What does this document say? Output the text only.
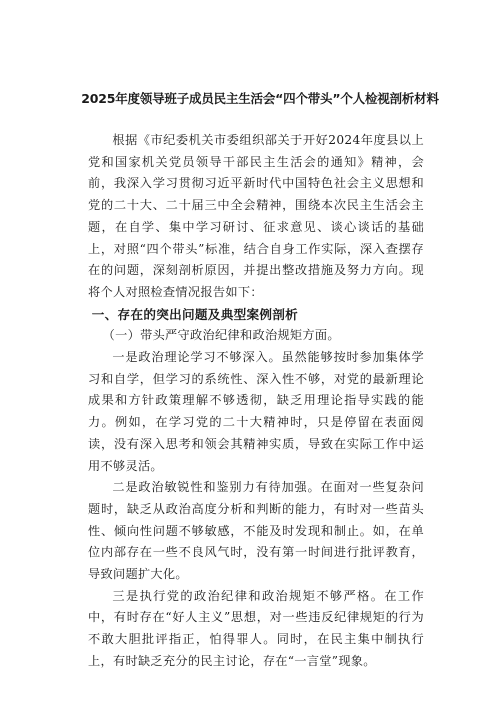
2025年度领导班子成员民主生活会“四个带头”个人检视剖析材料

根据《市纪委机关市委组织部关于开好2024年度县以上党和国家机关党员领导干部民主生活会的通知》精神，会前，我深入学习贯彻习近平新时代中国特色社会主义思想和党的二十大、二十届三中全会精神，围绕本次民主生活会主题，在自学、集中学习研讨、征求意见、谈心谈话的基础上，对照“四个带头”标准，结合自身工作实际，深入查摆存在的问题，深刻剖析原因，并提出整改措施及努力方向。现将个人对照检查情况报告如下：

一、存在的突出问题及典型案例剖析
（一）带头严守政治纪律和政治规矩方面。

一是政治理论学习不够深入。虽然能够按时参加集体学习和自学，但学习的系统性、深入性不够，对党的最新理论成果和方针政策理解不够透彻，缺乏用理论指导实践的能力。例如，在学习党的二十大精神时，只是停留在表面阅读，没有深入思考和领会其精神实质，导致在实际工作中运用不够灵活。

二是政治敏锐性和鉴别力有待加强。在面对一些复杂问题时，缺乏从政治高度分析和判断的能力，有时对一些苗头性、倾向性问题不够敏感，不能及时发现和制止。如，在单位内部存在一些不良风气时，没有第一时间进行批评教育，导致问题扩大化。

三是执行党的政治纪律和政治规矩不够严格。在工作中，有时存在“好人主义”思想，对一些违反纪律规矩的行为不敢大胆批评指正，怕得罪人。同时，在民主集中制执行上，有时缺乏充分的民主讨论，存在“一言堂”现象。
